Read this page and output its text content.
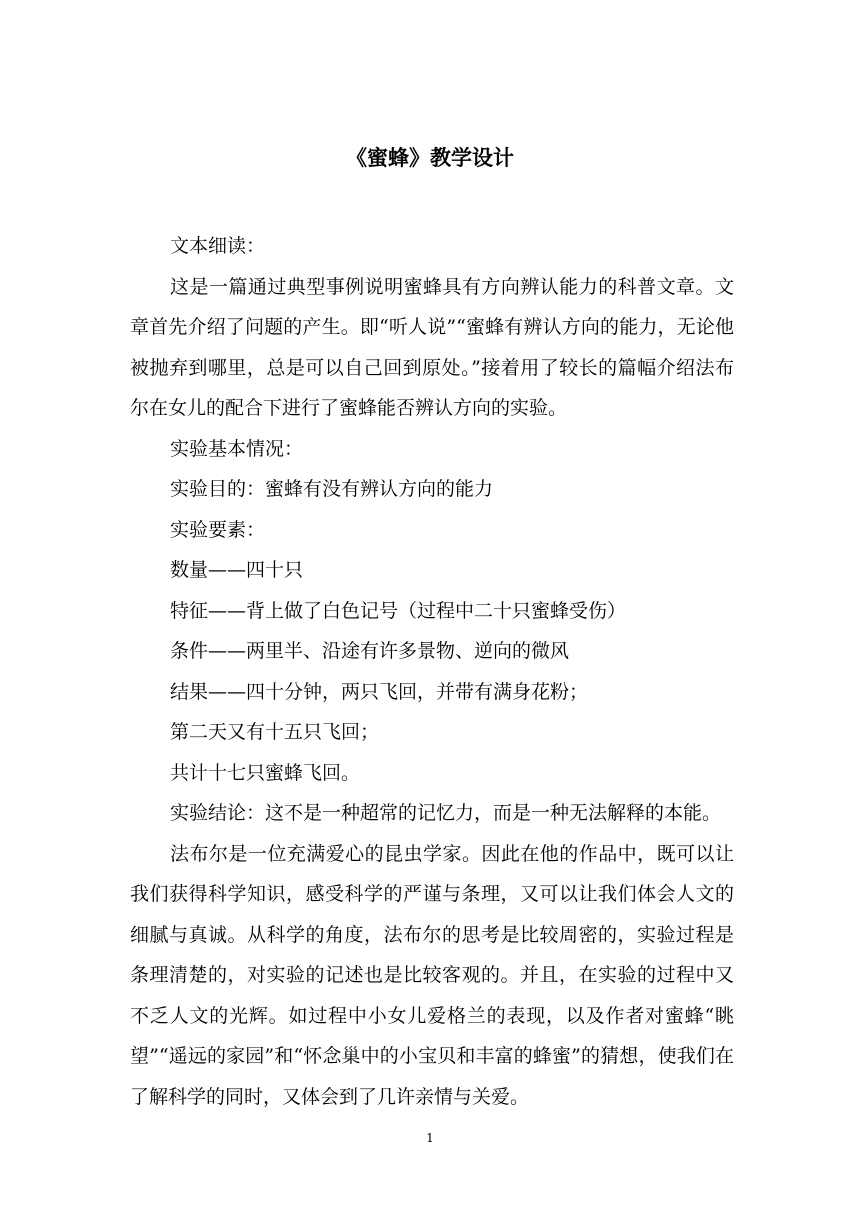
《蜜蜂》教学设计

文本细读：

这是一篇通过典型事例说明蜜蜂具有方向辨认能力的科普文章。文章首先介绍了问题的产生。即“听人说”“蜜蜂有辨认方向的能力，无论他被抛弃到哪里，总是可以自己回到原处。”接着用了较长的篇幅介绍法布尔在女儿的配合下进行了蜜蜂能否辨认方向的实验。

实验基本情况：

实验目的：蜜蜂有没有辨认方向的能力

实验要素：

数量——四十只

特征——背上做了白色记号（过程中二十只蜜蜂受伤）

条件——两里半、沿途有许多景物、逆向的微风

结果——四十分钟，两只飞回，并带有满身花粉；

第二天又有十五只飞回；

共计十七只蜜蜂飞回。

实验结论：这不是一种超常的记忆力，而是一种无法解释的本能。

法布尔是一位充满爱心的昆虫学家。因此在他的作品中，既可以让我们获得科学知识，感受科学的严谨与条理，又可以让我们体会人文的细腻与真诚。从科学的角度，法布尔的思考是比较周密的，实验过程是条理清楚的，对实验的记述也是比较客观的。并且，在实验的过程中又不乏人文的光辉。如过程中小女儿爱格兰的表现，以及作者对蜜蜂“眺望”“遥远的家园”和“怀念巢中的小宝贝和丰富的蜂蜜”的猜想，使我们在了解科学的同时，又体会到了几许亲情与关爱。

1
